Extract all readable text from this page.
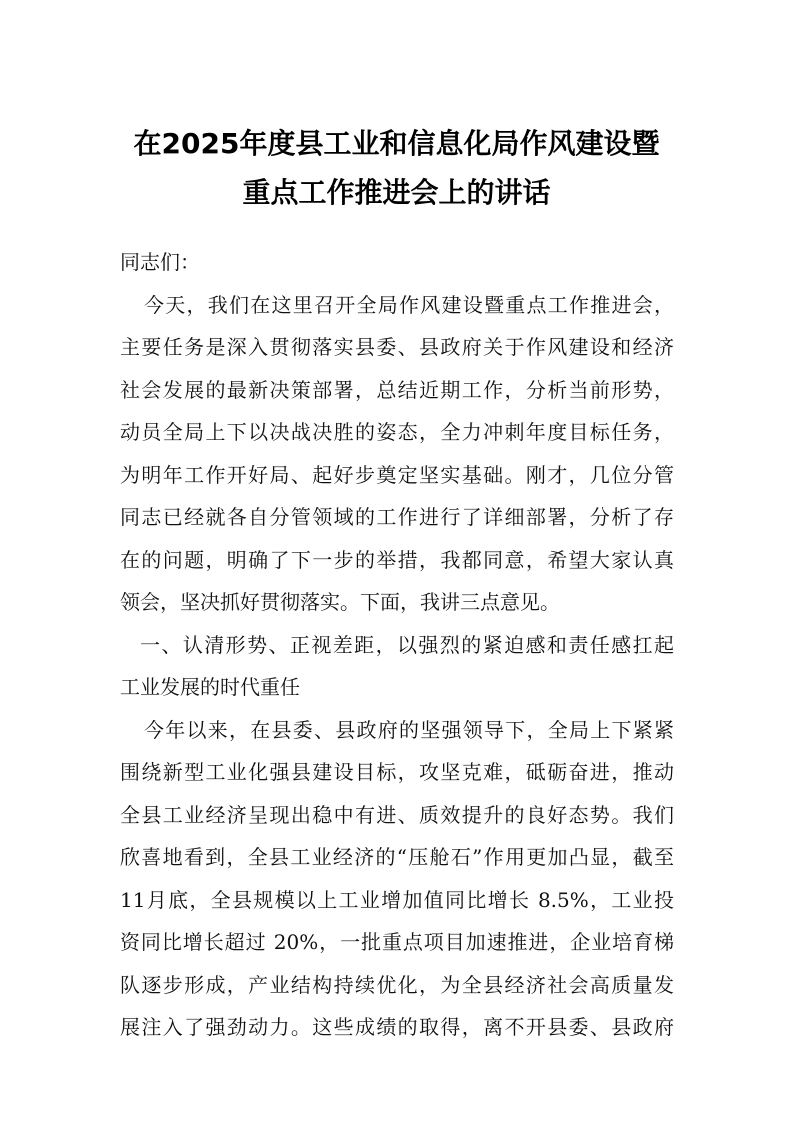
在2025年度县工业和信息化局作风建设暨
重点工作推进会上的讲话
同志们：
今天，我们在这里召开全局作风建设暨重点工作推进会，
主要任务是深入贯彻落实县委、县政府关于作风建设和经济
社会发展的最新决策部署，总结近期工作，分析当前形势，
动员全局上下以决战决胜的姿态，全力冲刺年度目标任务，
为明年工作开好局、起好步奠定坚实基础。刚才，几位分管
同志已经就各自分管领域的工作进行了详细部署，分析了存
在的问题，明确了下一步的举措，我都同意，希望大家认真
领会，坚决抓好贯彻落实。下面，我讲三点意见。
一、认清形势、正视差距，以强烈的紧迫感和责任感扛起
工业发展的时代重任
今年以来，在县委、县政府的坚强领导下，全局上下紧紧
围绕新型工业化强县建设目标，攻坚克难，砥砺奋进，推动
全县工业经济呈现出稳中有进、质效提升的良好态势。我们
欣喜地看到，全县工业经济的“压舱石”作用更加凸显，截至
11月底，全县规模以上工业增加值同比增长 8.5%，工业投
资同比增长超过 20%，一批重点项目加速推进，企业培育梯
队逐步形成，产业结构持续优化，为全县经济社会高质量发
展注入了强劲动力。这些成绩的取得，离不开县委、县政府
